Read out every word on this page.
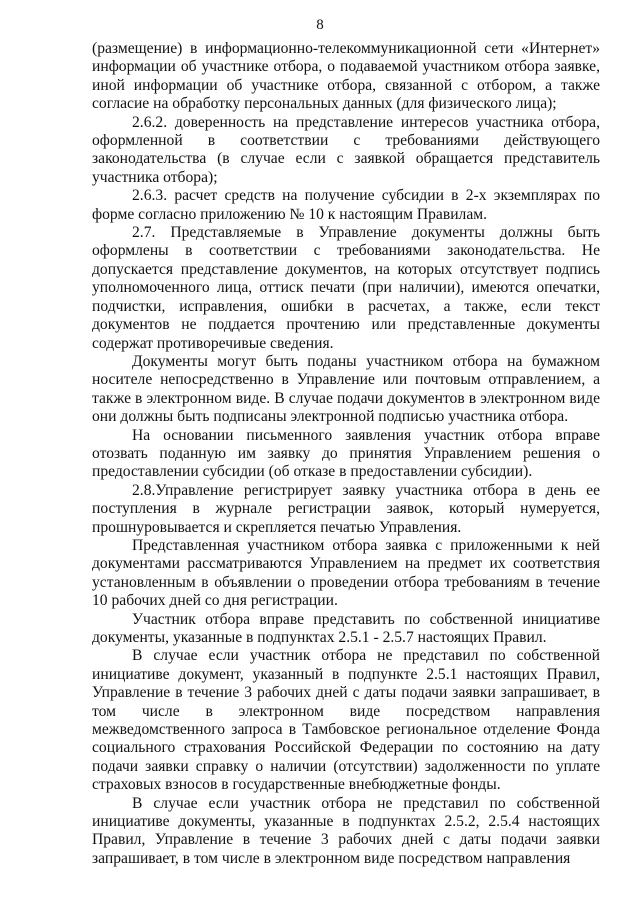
8

(размещение) в информационно-телекоммуникационной сети «Интернет» информации об участнике отбора, о подаваемой участником отбора заявке, иной информации об участнике отбора, связанной с отбором, а также согласие на обработку персональных данных (для физического лица);

2.6.2. доверенность на представление интересов участника отбора, оформленной в соответствии с требованиями действующего законодательства (в случае если с заявкой обращается представитель участника отбора);

2.6.3. расчет средств на получение субсидии в 2-х экземплярах по форме согласно приложению № 10 к настоящим Правилам.

2.7. Представляемые в Управление документы должны быть оформлены в соответствии с требованиями законодательства. Не допускается представление документов, на которых отсутствует подпись уполномоченного лица, оттиск печати (при наличии), имеются опечатки, подчистки, исправления, ошибки в расчетах, а также, если текст документов не поддается прочтению или представленные документы содержат противоречивые сведения.

Документы могут быть поданы участником отбора на бумажном носителе непосредственно в Управление или почтовым отправлением, а также в электронном виде. В случае подачи документов в электронном виде они должны быть подписаны электронной подписью участника отбора.

На основании письменного заявления участник отбора вправе отозвать поданную им заявку до принятия Управлением решения о предоставлении субсидии (об отказе в предоставлении субсидии).

2.8.Управление регистрирует заявку участника отбора в день ее поступления в журнале регистрации заявок, который нумеруется, прошнуровывается и скрепляется печатью Управления.

Представленная участником отбора заявка с приложенными к ней документами рассматриваются Управлением на предмет их соответствия установленным в объявлении о проведении отбора требованиям в течение 10 рабочих дней со дня регистрации.

Участник отбора вправе представить по собственной инициативе документы, указанные в подпунктах 2.5.1 - 2.5.7 настоящих Правил.

В случае если участник отбора не представил по собственной инициативе документ, указанный в подпункте 2.5.1 настоящих Правил, Управление в течение 3 рабочих дней с даты подачи заявки запрашивает, в том числе в электронном виде посредством направления межведомственного запроса в Тамбовское региональное отделение Фонда социального страхования Российской Федерации по состоянию на дату подачи заявки справку о наличии (отсутствии) задолженности по уплате страховых взносов в государственные внебюджетные фонды.

В случае если участник отбора не представил по собственной инициативе документы, указанные в подпунктах 2.5.2, 2.5.4 настоящих Правил, Управление в течение 3 рабочих дней с даты подачи заявки запрашивает, в том числе в электронном виде посредством направления
